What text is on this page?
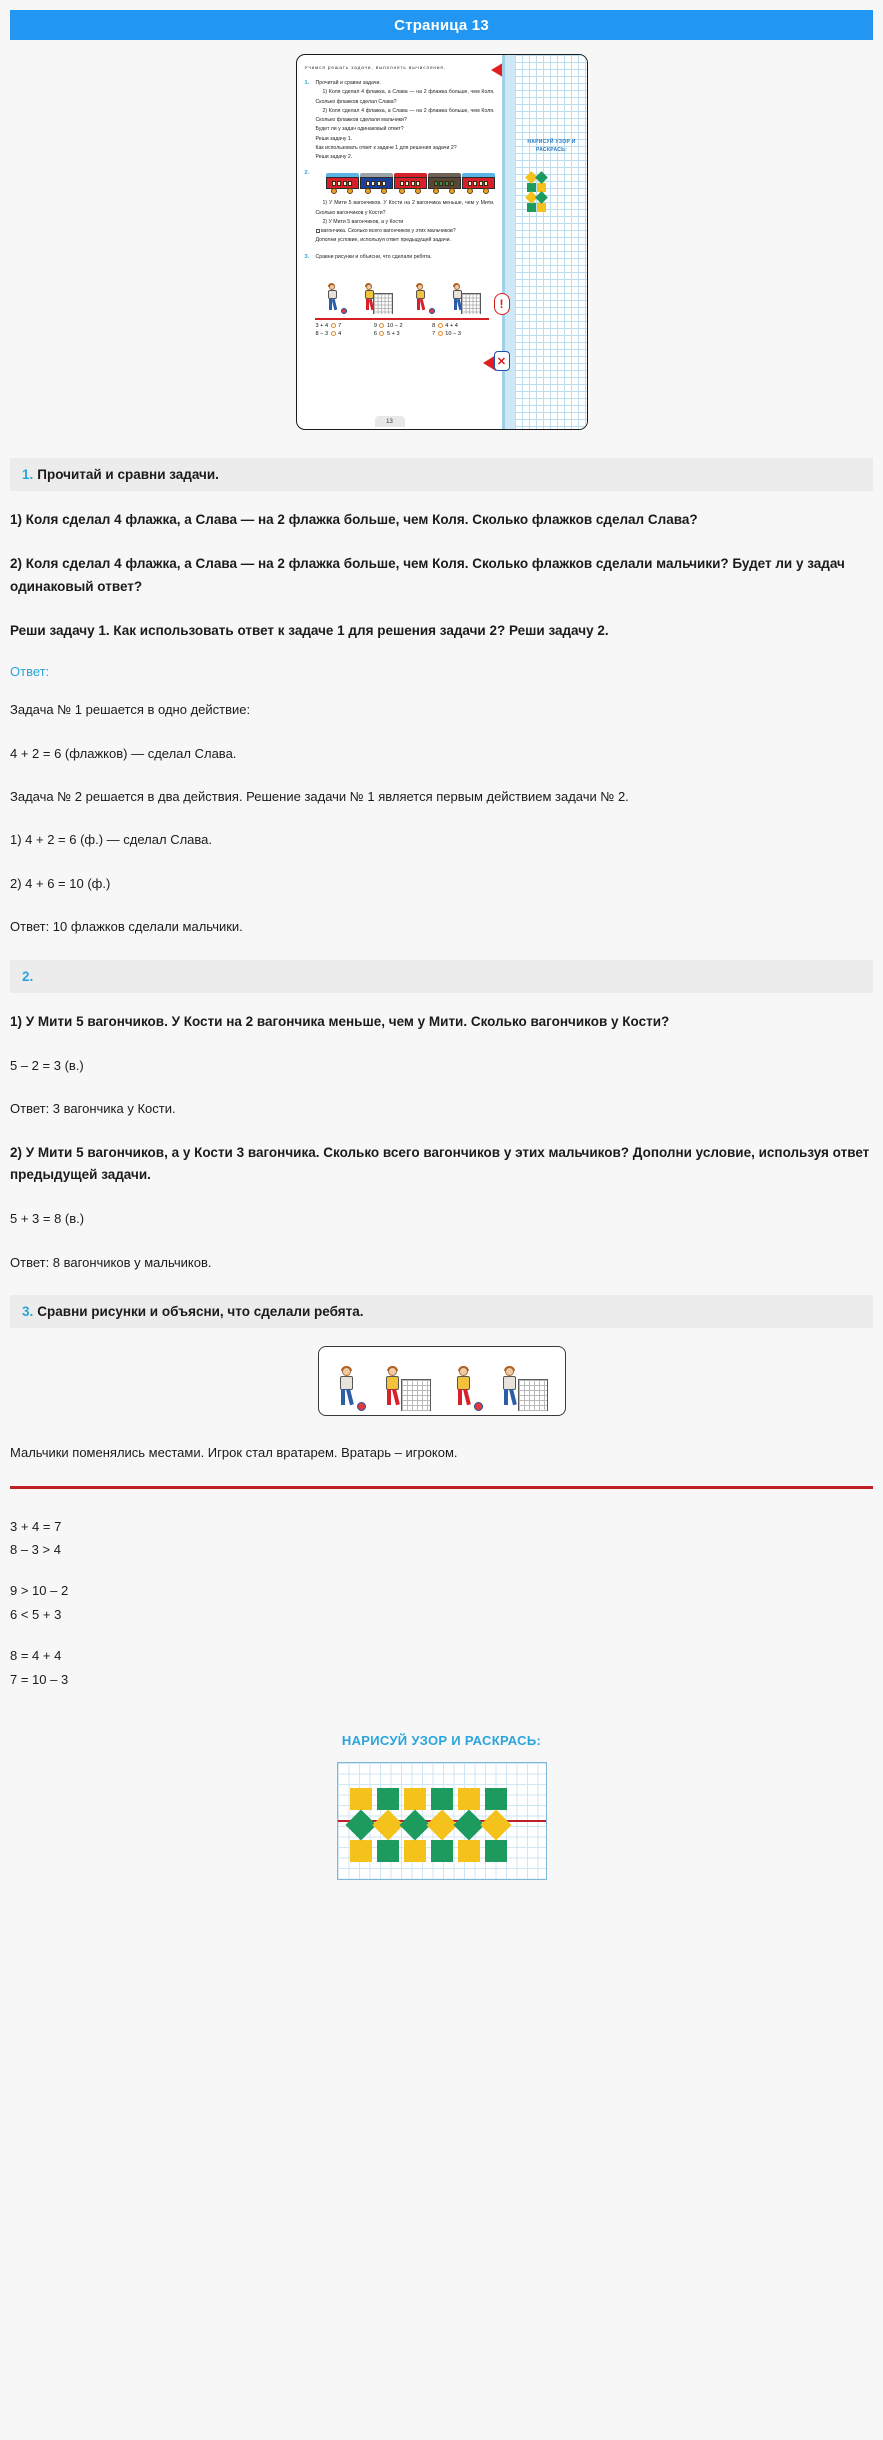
Страница 13
Учимся решать задачи, выполнять вычисления.
1.	Прочитай и сравни задачи.

1) Коля сделал 4 флажка, а Слава — на 2 флажка больше, чем Коля. Сколько флажков сделал Слава?

2) Коля сделал 4 флажка, а Слава — на 2 флажка больше, чем Коля. Сколько флажков сделали мальчики?

Будет ли у задач одинаковый ответ?

Реши задачу 1.

Как использовать ответ к задаче 1 для решения задачи 2?

Реши задачу 2.

2.

1) У Мити 5 вагончиков. У Кости на 2 вагончика меньше, чем у Мити. Сколько вагончиков у Кости?

2) У Мити 5 вагончиков, а у Кости

вагончика. Сколько всего вагончиков у этих мальчиков?

Дополни условие, используя ответ предыдущей задачи.

3.	Сравни рисунки и объясни, что сделали ребята.

3 + 4 7	9 10 − 2	8 4 + 4
8 − 3 4	6 5 + 3	7 10 − 3
13
НАРИСУЙ УЗОР И РАСКРАСЬ:
!
✕
1. Прочитай и сравни задачи.

1) Коля сделал 4 флажка, а Слава — на 2 флажка больше, чем Коля. Сколько флажков сделал Слава?

2) Коля сделал 4 флажка, а Слава — на 2 флажка больше, чем Коля. Сколько флажков сделали мальчики? Будет ли у задач одинаковый ответ?

Реши задачу 1. Как использовать ответ к задаче 1 для решения задачи 2? Реши задачу 2.

Ответ:

Задача № 1 решается в одно действие:

4 + 2 = 6 (флажков) — сделал Слава.

Задача № 2 решается в два действия. Решение задачи № 1 является первым действием задачи № 2.

1) 4 + 2 = 6 (ф.) — сделал Слава.

2) 4 + 6 = 10 (ф.)

Ответ: 10 флажков сделали мальчики.

2.

1) У Мити 5 вагончиков. У Кости на 2 вагончика меньше, чем у Мити. Сколько вагончиков у Кости?

5 – 2 = 3 (в.)

Ответ: 3 вагончика у Кости.

2) У Мити 5 вагончиков, а у Кости 3 вагончика. Сколько всего вагончиков у этих мальчиков? Дополни условие, используя ответ предыдущей задачи.

5 + 3 = 8 (в.)

Ответ: 8 вагончиков у мальчиков.

3. Сравни рисунки и объясни, что сделали ребята.

Мальчики поменялись местами. Игрок стал вратарем. Вратарь – игроком.

3 + 4 = 7

8 – 3 > 4

9 > 10 – 2

6 < 5 + 3

8 = 4 + 4

7 = 10 – 3

НАРИСУЙ УЗОР И РАСКРАСЬ:
